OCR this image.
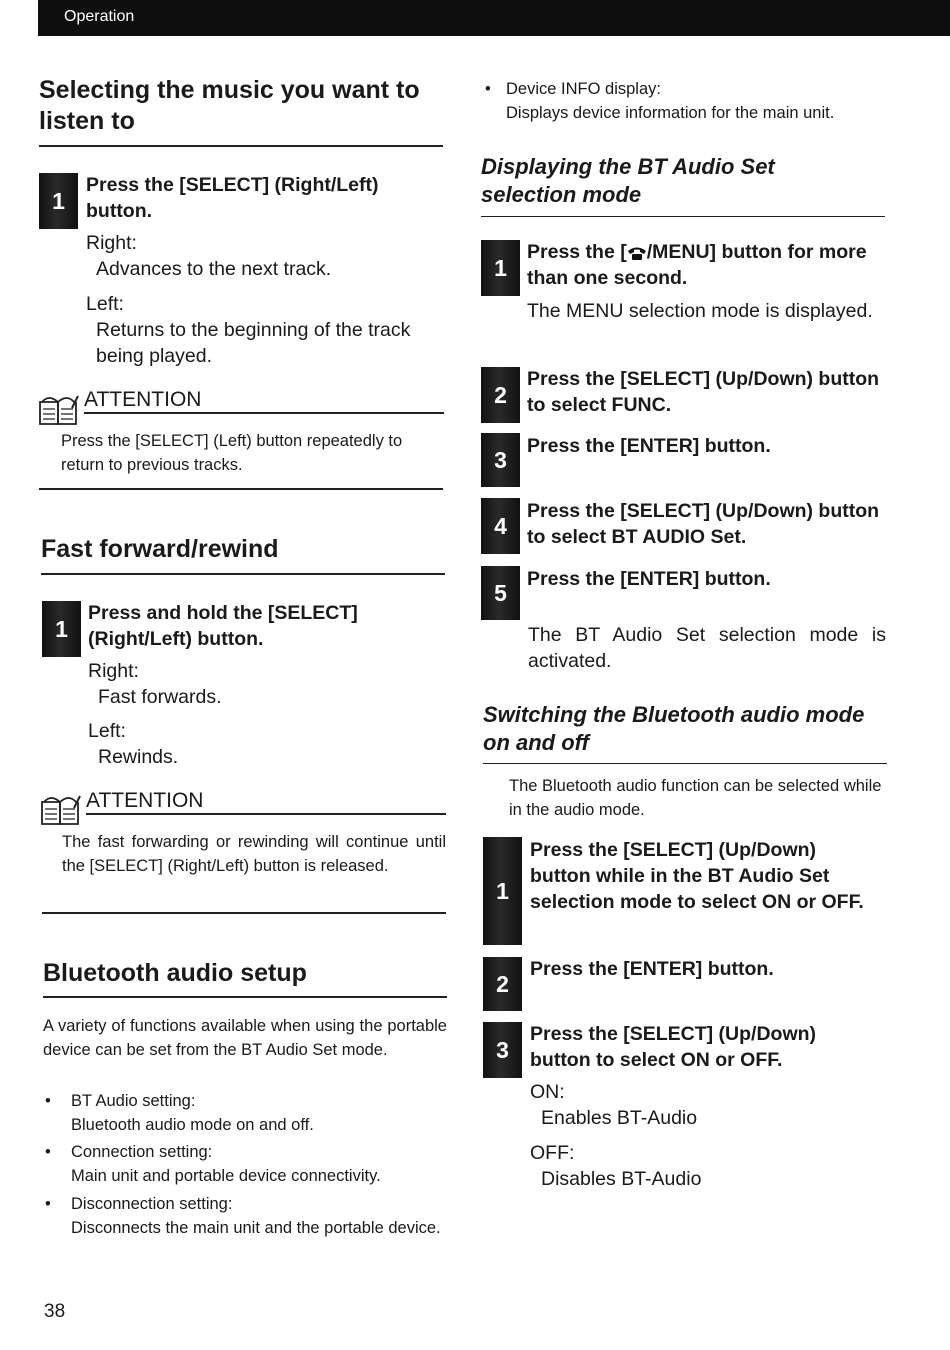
Operation
Selecting the music you want to listen to
1
Press the [SELECT] (Right/Left) button.
Right:
Advances to the next track.
Left:
Returns to the beginning of the track being played.
ATTENTION
Press the [SELECT] (Left) button repeatedly to return to previous tracks.
Fast forward/rewind
1
Press and hold the [SELECT] (Right/Left) button.
Right:
Fast forwards.
Left:
Rewinds.
ATTENTION
The fast forwarding or rewinding will continue until the [SELECT] (Right/Left) button is released.
Bluetooth audio setup
A variety of functions available when using the portable device can be set from the BT Audio Set mode.
• BT Audio setting:
Bluetooth audio mode on and off.
• Connection setting:
Main unit and portable device connectivity.
• Disconnection setting:
Disconnects the main unit and the portable device.
38
• Device INFO display:
Displays device information for the main unit.
Displaying the BT Audio Set selection mode
1
Press the [ /MENU] button for more than one second.
The MENU selection mode is displayed.
2
Press the [SELECT] (Up/Down) button to select FUNC.
3
Press the [ENTER] button.
4
Press the [SELECT] (Up/Down) button to select BT AUDIO Set.
5
Press the [ENTER] button.
The BT Audio Set selection mode is activated.
Switching the Bluetooth audio mode on and off
The Bluetooth audio function can be selected while in the audio mode.
1
Press the [SELECT] (Up/Down) button while in the BT Audio Set selection mode to select ON or OFF.
2
Press the [ENTER] button.
3
Press the [SELECT] (Up/Down) button to select ON or OFF.
ON:
Enables BT-Audio
OFF:
Disables BT-Audio
